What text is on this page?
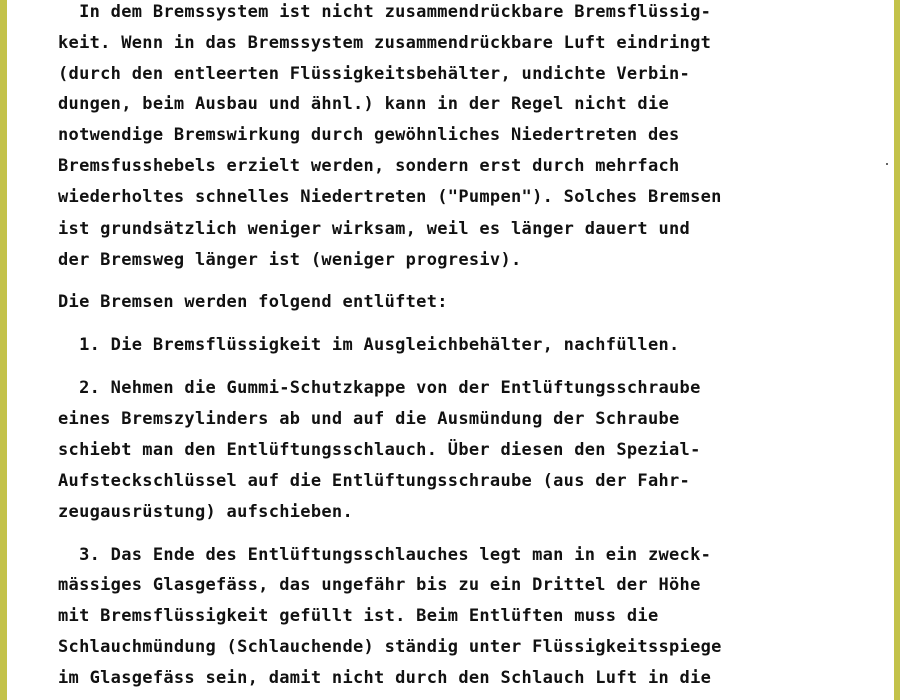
In dem Bremssystem ist nicht zusammendrückbare Bremsflüssig-
keit. Wenn in das Bremssystem zusammendrückbare Luft eindringt
(durch den entleerten Flüssigkeitsbehälter, undichte Verbin-
dungen, beim Ausbau und ähnl.) kann in der Regel nicht die
notwendige Bremswirkung durch gewöhnliches Niedertreten des
Bremsfusshebels erzielt werden, sondern erst durch mehrfach
wiederholtes schnelles Niedertreten ("Pumpen"). Solches Bremsen
ist grundsätzlich weniger wirksam, weil es länger dauert und
der Bremsweg länger ist (weniger progresiv).
Die Bremsen werden folgend entlüftet:
1. Die Bremsflüssigkeit im Ausgleichbehälter, nachfüllen.
2. Nehmen die Gummi-Schutzkappe von der Entlüftungsschraube
eines Bremszylinders ab und auf die Ausmündung der Schraube
schiebt man den Entlüftungsschlauch. Über diesen den Spezial-
Aufsteckschlüssel auf die Entlüftungsschraube (aus der Fahr-
zeugausrüstung) aufschieben.
3. Das Ende des Entlüftungsschlauches legt man in ein zweck-
mässiges Glasgefäss, das ungefähr bis zu ein Drittel der Höhe
mit Bremsflüssigkeit gefüllt ist. Beim Entlüften muss die
Schlauchmündung (Schlauchende) ständig unter Flüssigkeitsspiege
im Glasgefäss sein, damit nicht durch den Schlauch Luft in die
